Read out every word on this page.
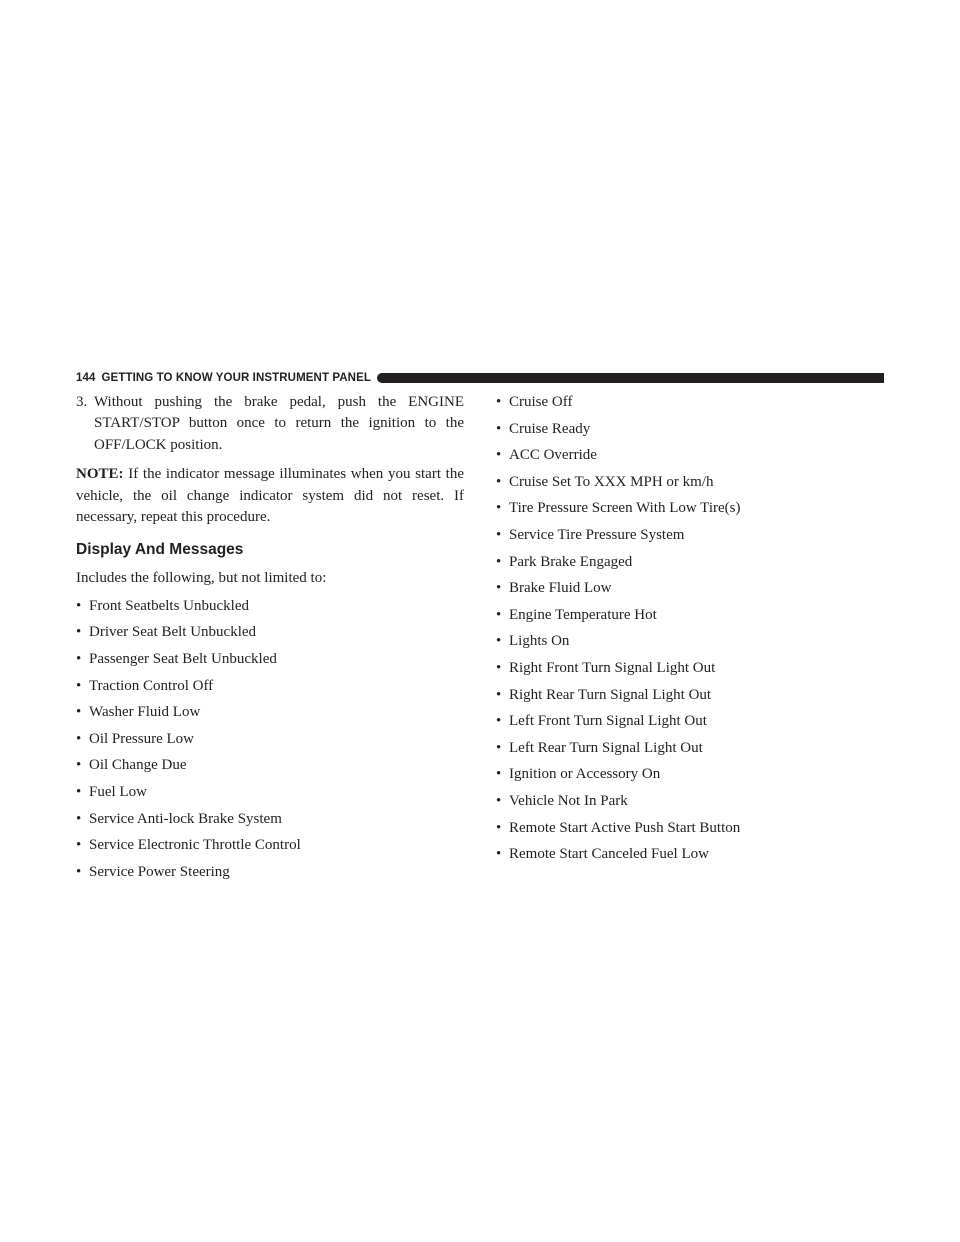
144 GETTING TO KNOW YOUR INSTRUMENT PANEL
3. Without pushing the brake pedal, push the ENGINE START/STOP button once to return the ignition to the OFF/LOCK position.
NOTE: If the indicator message illuminates when you start the vehicle, the oil change indicator system did not reset. If necessary, repeat this procedure.
Display And Messages
Includes the following, but not limited to:
• Front Seatbelts Unbuckled
• Driver Seat Belt Unbuckled
• Passenger Seat Belt Unbuckled
• Traction Control Off
• Washer Fluid Low
• Oil Pressure Low
• Oil Change Due
• Fuel Low
• Service Anti-lock Brake System
• Service Electronic Throttle Control
• Service Power Steering
• Cruise Off
• Cruise Ready
• ACC Override
• Cruise Set To XXX MPH or km/h
• Tire Pressure Screen With Low Tire(s)
• Service Tire Pressure System
• Park Brake Engaged
• Brake Fluid Low
• Engine Temperature Hot
• Lights On
• Right Front Turn Signal Light Out
• Right Rear Turn Signal Light Out
• Left Front Turn Signal Light Out
• Left Rear Turn Signal Light Out
• Ignition or Accessory On
• Vehicle Not In Park
• Remote Start Active Push Start Button
• Remote Start Canceled Fuel Low
